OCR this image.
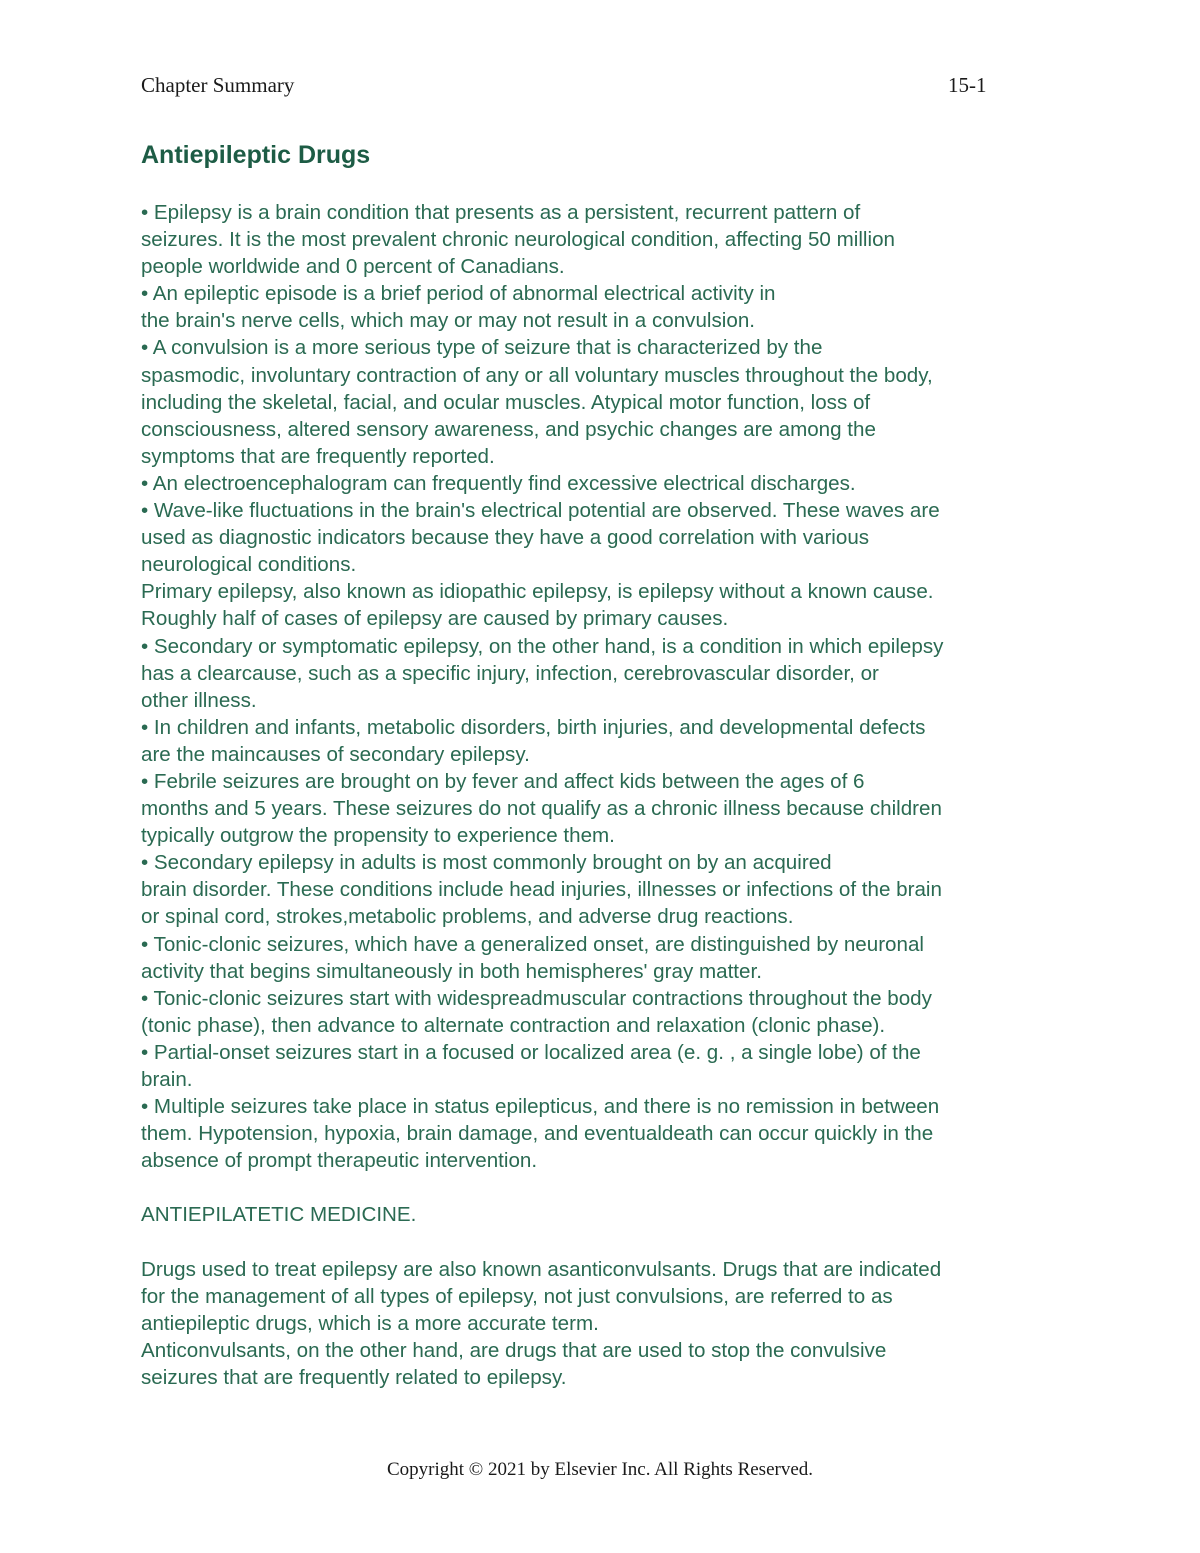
Chapter Summary	15-1
Antiepileptic Drugs
• Epilepsy is a brain condition that presents as a persistent, recurrent pattern of
seizures. It is the most prevalent chronic neurological condition, affecting 50 million
people worldwide and 0 percent of Canadians.
• An epileptic episode is a brief period of abnormal electrical activity in
the brain's nerve cells, which may or may not result in a convulsion.
• A convulsion is a more serious type of seizure that is characterized by the
spasmodic, involuntary contraction of any or all voluntary muscles throughout the body,
including the skeletal, facial, and ocular muscles. Atypical motor function, loss of
consciousness, altered sensory awareness, and psychic changes are among the
symptoms that are frequently reported.
• An electroencephalogram can frequently find excessive electrical discharges.
• Wave-like fluctuations in the brain's electrical potential are observed. These waves are
used as diagnostic indicators because they have a good correlation with various
neurological conditions.
Primary epilepsy, also known as idiopathic epilepsy, is epilepsy without a known cause.
Roughly half of cases of epilepsy are caused by primary causes.
• Secondary or symptomatic epilepsy, on the other hand, is a condition in which epilepsy
has a clearcause, such as a specific injury, infection, cerebrovascular disorder, or
other illness.
• In children and infants, metabolic disorders, birth injuries, and developmental defects
are the maincauses of secondary epilepsy.
• Febrile seizures are brought on by fever and affect kids between the ages of 6
months and 5 years. These seizures do not qualify as a chronic illness because children
typically outgrow the propensity to experience them.
• Secondary epilepsy in adults is most commonly brought on by an acquired
brain disorder. These conditions include head injuries, illnesses or infections of the brain
or spinal cord, strokes,metabolic problems, and adverse drug reactions.
• Tonic-clonic seizures, which have a generalized onset, are distinguished by neuronal
activity that begins simultaneously in both hemispheres' gray matter.
• Tonic-clonic seizures start with widespreadmuscular contractions throughout the body
(tonic phase), then advance to alternate contraction and relaxation (clonic phase).
• Partial-onset seizures start in a focused or localized area (e. g. , a single lobe) of the
brain.
• Multiple seizures take place in status epilepticus, and there is no remission in between
them. Hypotension, hypoxia, brain damage, and eventualdeath can occur quickly in the
absence of prompt therapeutic intervention.
ANTIEPILATETIC MEDICINE.
Drugs used to treat epilepsy are also known asanticonvulsants. Drugs that are indicated
for the management of all types of epilepsy, not just convulsions, are referred to as
antiepileptic drugs, which is a more accurate term.
Anticonvulsants, on the other hand, are drugs that are used to stop the convulsive
seizures that are frequently related to epilepsy.
Copyright © 2021 by Elsevier Inc. All Rights Reserved.
